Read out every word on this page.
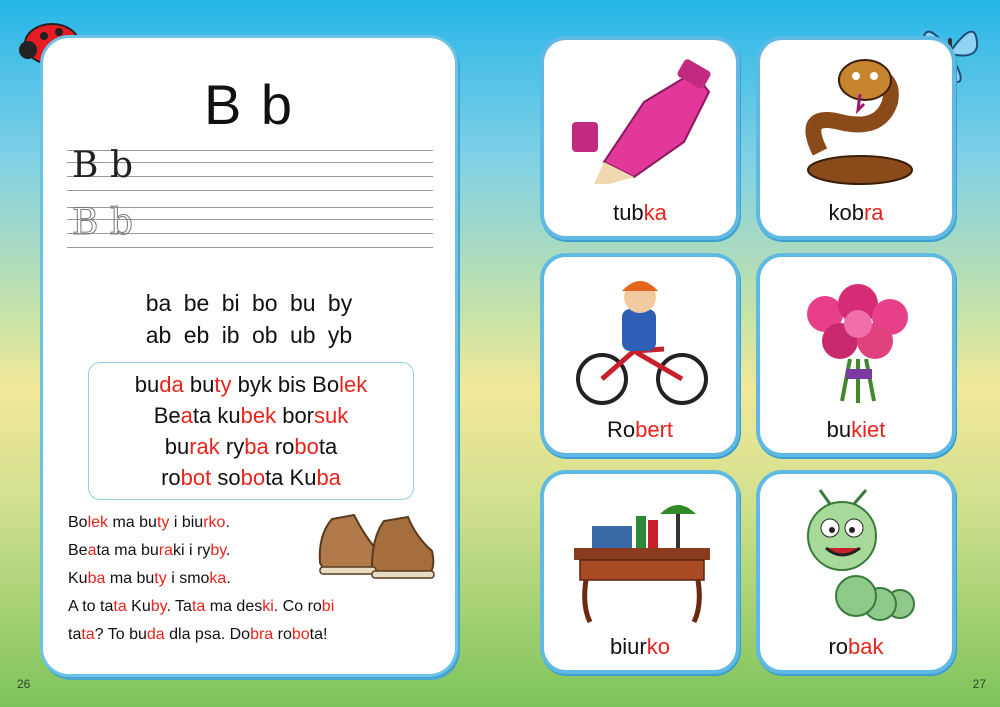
26	27
B b
B b
B b
ba be bi bo bu by
ab eb ib ob ub yb
buda buty byk bis Bolek
Beata kubek borsuk
burak ryba robota
robot sobota Kuba
Bolek ma buty i biurko.
Beata ma buraki i ryby.
Kuba ma buty i smoka.
A to tata Kuby. Tata ma deski. Co robi
tata? To buda dla psa. Dobra robota!
tubka	kobra
Robert	bukiet
biurko	robak
